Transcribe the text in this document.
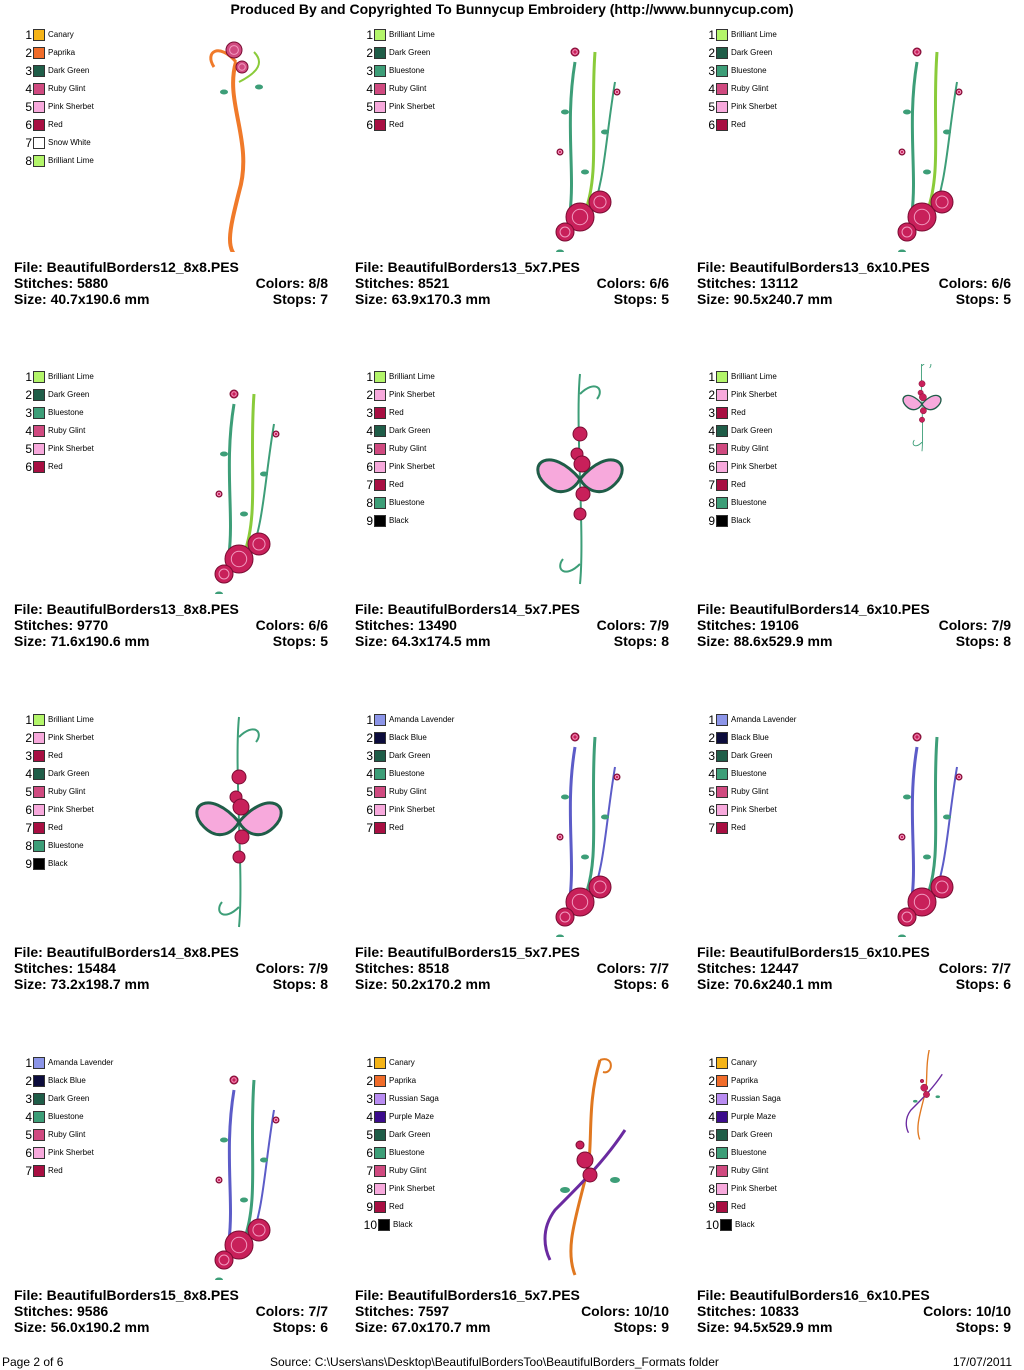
Produced By and Copyrighted To Bunnycup Embroidery (http://www.bunnycup.com)
1 Canary
2 Paprika
3 Dark Green
4 Ruby Glint
5 Pink Sherbet
6 Red
7 Snow White
8 Brilliant Lime
File: BeautifulBorders12_8x8.PES
Stitches: 5880	Colors: 8/8
Size: 40.7x190.6 mm	Stops: 7
1 Brilliant Lime
2 Dark Green
3 Bluestone
4 Ruby Glint
5 Pink Sherbet
6 Red
File: BeautifulBorders13_5x7.PES
Stitches: 8521	Colors: 6/6
Size: 63.9x170.3 mm	Stops: 5
1 Brilliant Lime
2 Dark Green
3 Bluestone
4 Ruby Glint
5 Pink Sherbet
6 Red
File: BeautifulBorders13_6x10.PES
Stitches: 13112	Colors: 6/6
Size: 90.5x240.7 mm	Stops: 5
1 Brilliant Lime
2 Dark Green
3 Bluestone
4 Ruby Glint
5 Pink Sherbet
6 Red
File: BeautifulBorders13_8x8.PES
Stitches: 9770	Colors: 6/6
Size: 71.6x190.6 mm	Stops: 5
1 Brilliant Lime
2 Pink Sherbet
3 Red
4 Dark Green
5 Ruby Glint
6 Pink Sherbet
7 Red
8 Bluestone
9 Black
File: BeautifulBorders14_5x7.PES
Stitches: 13490	Colors: 7/9
Size: 64.3x174.5 mm	Stops: 8
1 Brilliant Lime
2 Pink Sherbet
3 Red
4 Dark Green
5 Ruby Glint
6 Pink Sherbet
7 Red
8 Bluestone
9 Black
File: BeautifulBorders14_6x10.PES
Stitches: 19106	Colors: 7/9
Size: 88.6x529.9 mm	Stops: 8
1 Brilliant Lime
2 Pink Sherbet
3 Red
4 Dark Green
5 Ruby Glint
6 Pink Sherbet
7 Red
8 Bluestone
9 Black
File: BeautifulBorders14_8x8.PES
Stitches: 15484	Colors: 7/9
Size: 73.2x198.7 mm	Stops: 8
1 Amanda Lavender
2 Black Blue
3 Dark Green
4 Bluestone
5 Ruby Glint
6 Pink Sherbet
7 Red
File: BeautifulBorders15_5x7.PES
Stitches: 8518	Colors: 7/7
Size: 50.2x170.2 mm	Stops: 6
1 Amanda Lavender
2 Black Blue
3 Dark Green
4 Bluestone
5 Ruby Glint
6 Pink Sherbet
7 Red
File: BeautifulBorders15_6x10.PES
Stitches: 12447	Colors: 7/7
Size: 70.6x240.1 mm	Stops: 6
1 Amanda Lavender
2 Black Blue
3 Dark Green
4 Bluestone
5 Ruby Glint
6 Pink Sherbet
7 Red
File: BeautifulBorders15_8x8.PES
Stitches: 9586	Colors: 7/7
Size: 56.0x190.2 mm	Stops: 6
1 Canary
2 Paprika
3 Russian Saga
4 Purple Maze
5 Dark Green
6 Bluestone
7 Ruby Glint
8 Pink Sherbet
9 Red
10 Black
File: BeautifulBorders16_5x7.PES
Stitches: 7597	Colors: 10/10
Size: 67.0x170.7 mm	Stops: 9
1 Canary
2 Paprika
3 Russian Saga
4 Purple Maze
5 Dark Green
6 Bluestone
7 Ruby Glint
8 Pink Sherbet
9 Red
10 Black
File: BeautifulBorders16_6x10.PES
Stitches: 10833	Colors: 10/10
Size: 94.5x529.9 mm	Stops: 9
Page 2 of 6	Source: C:\Users\ans\Desktop\BeautifulBordersToo\BeautifulBorders_Formats folder	17/07/2011
